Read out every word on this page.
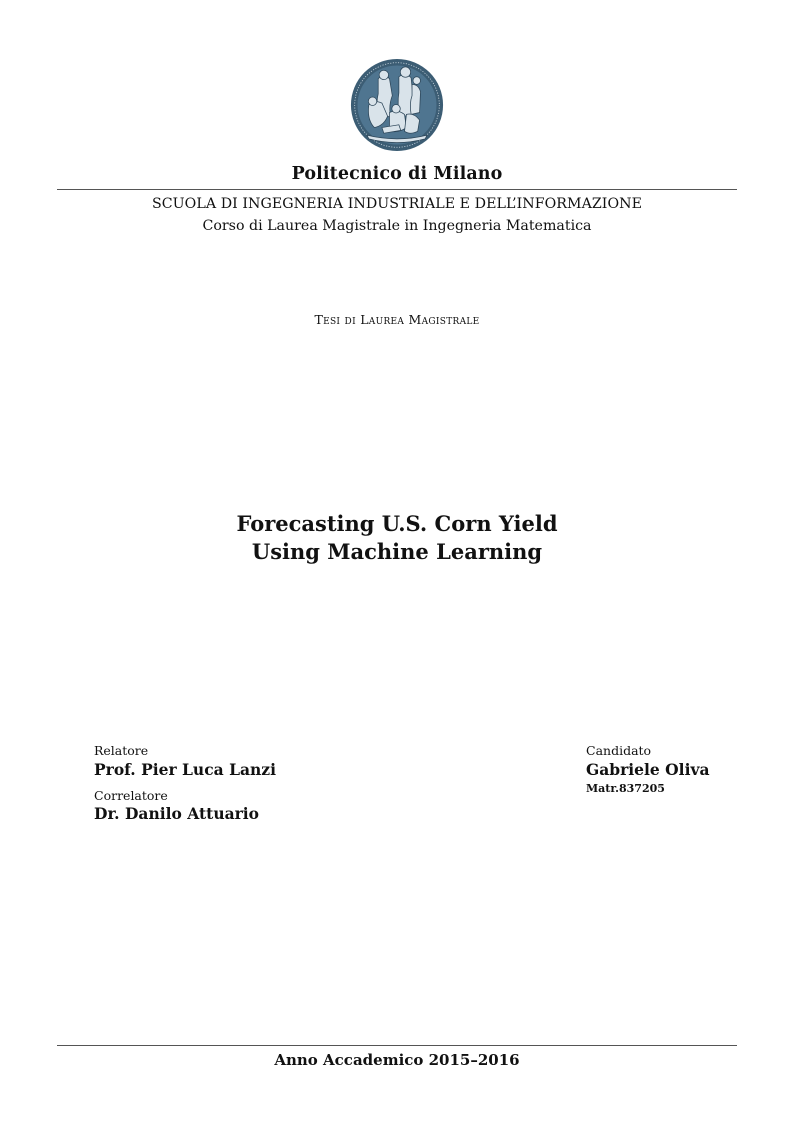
Politecnico di Milano
SCUOLA DI INGEGNERIA INDUSTRIALE E DELL’INFORMAZIONE
Corso di Laurea Magistrale in Ingegneria Matematica
Tesi di Laurea Magistrale
Forecasting U.S. Corn Yield
Using Machine Learning
Relatore
Prof. Pier Luca Lanzi
Correlatore
Dr. Danilo Attuario
Candidato
Gabriele Oliva
Matr.837205
Anno Accademico 2015–2016
